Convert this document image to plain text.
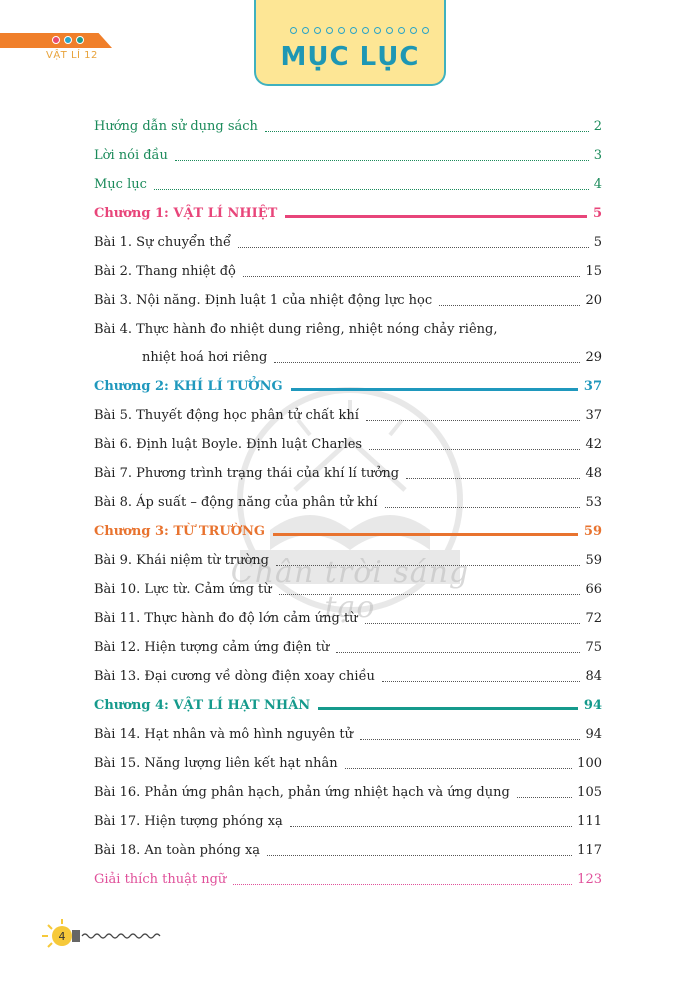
VẬT LÍ 12	MỤC LỤC
Chân trời sáng tạo
Hướng dẫn sử dụng sách	2
Lời nói đầu	3
Mục lục	4
Chương 1: VẬT LÍ NHIỆT	5
Bài 1. Sự chuyển thể	5
Bài 2. Thang nhiệt độ	15
Bài 3. Nội năng. Định luật 1 của nhiệt động lực học	20
Bài 4. Thực hành đo nhiệt dung riêng, nhiệt nóng chảy riêng,
nhiệt hoá hơi riêng	29
Chương 2: KHÍ LÍ TƯỞNG	37
Bài 5. Thuyết động học phân tử chất khí	37
Bài 6. Định luật Boyle. Định luật Charles	42
Bài 7. Phương trình trạng thái của khí lí tưởng	48
Bài 8. Áp suất – động năng của phân tử khí	53
Chương 3: TỪ TRƯỜNG	59
Bài 9. Khái niệm từ trường	59
Bài 10. Lực từ. Cảm ứng từ	66
Bài 11. Thực hành đo độ lớn cảm ứng từ	72
Bài 12. Hiện tượng cảm ứng điện từ	75
Bài 13. Đại cương về dòng điện xoay chiều	84
Chương 4: VẬT LÍ HẠT NHÂN	94
Bài 14. Hạt nhân và mô hình nguyên tử	94
Bài 15. Năng lượng liên kết hạt nhân	100
Bài 16. Phản ứng phân hạch, phản ứng nhiệt hạch và ứng dụng	105
Bài 17. Hiện tượng phóng xạ	111
Bài 18. An toàn phóng xạ	117
Giải thích thuật ngữ	123
4
